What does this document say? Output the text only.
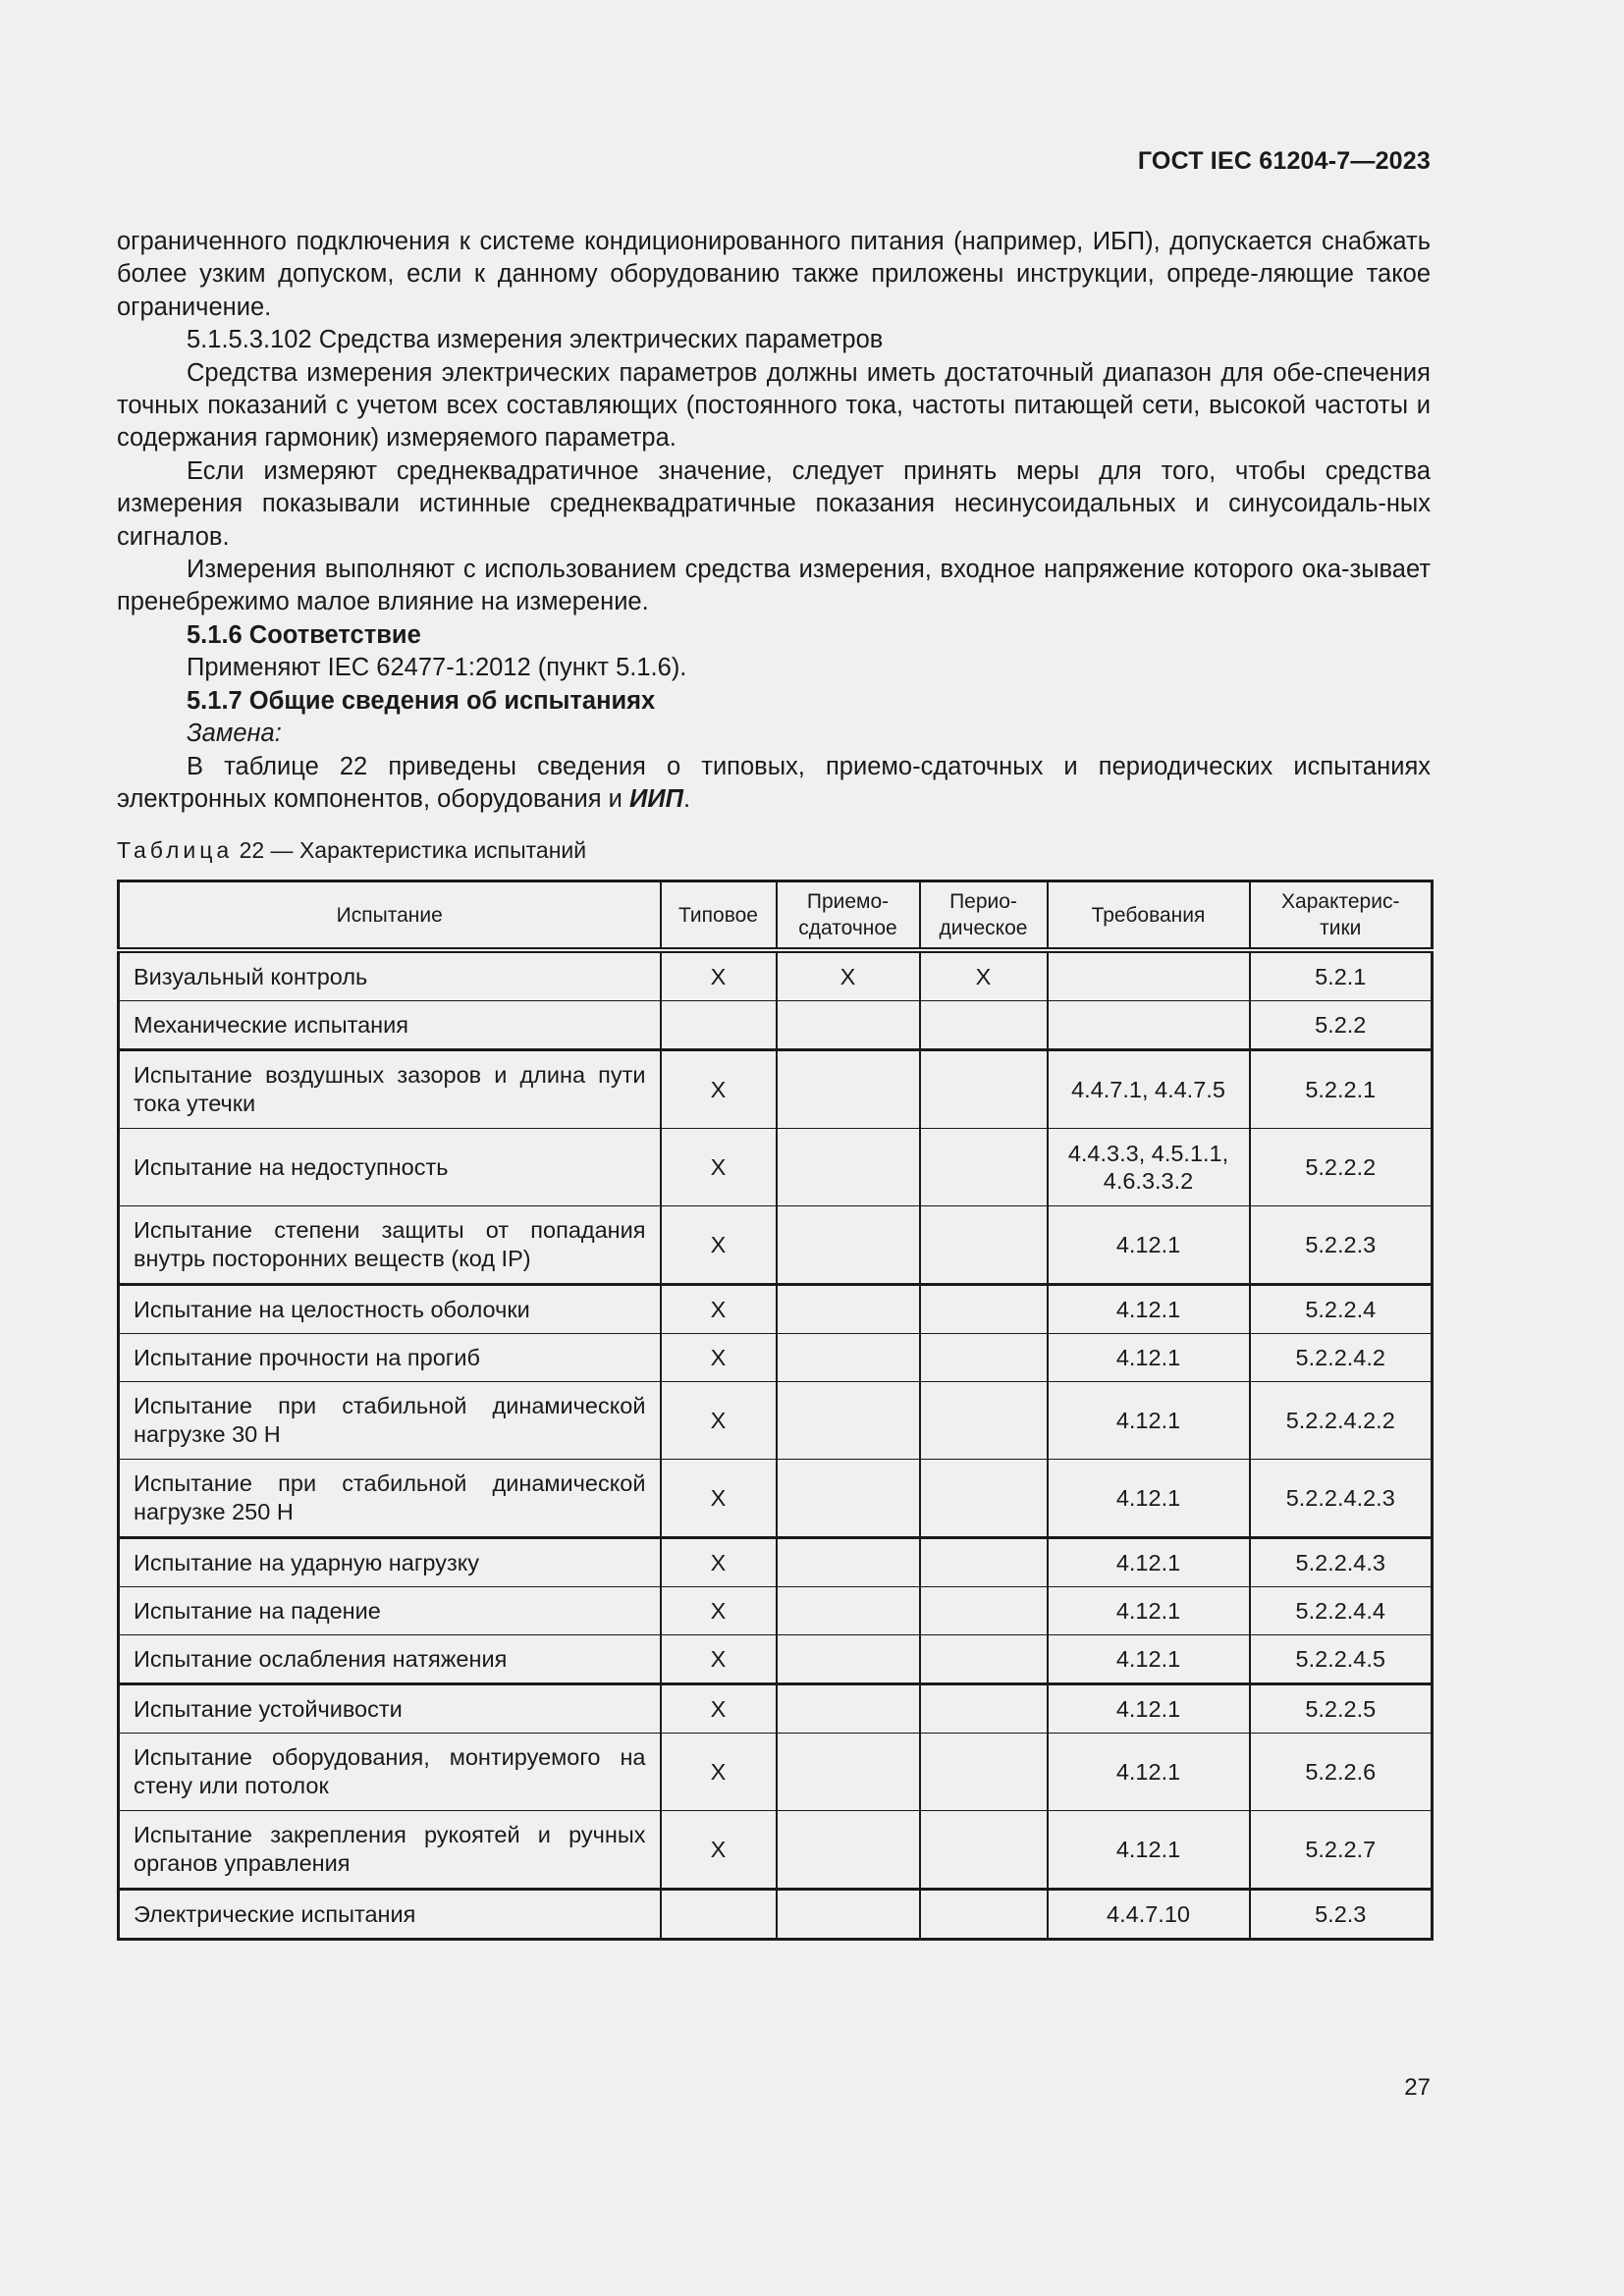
ГОСТ IEC 61204-7—2023

ограниченного подключения к системе кондиционированного питания (например, ИБП), допускается снабжать более узким допуском, если к данному оборудованию также приложены инструкции, опреде-ляющие такое ограничение.

5.1.5.3.102 Средства измерения электрических параметров

Средства измерения электрических параметров должны иметь достаточный диапазон для обе-спечения точных показаний с учетом всех составляющих (постоянного тока, частоты питающей сети, высокой частоты и содержания гармоник) измеряемого параметра.

Если измеряют среднеквадратичное значение, следует принять меры для того, чтобы средства измерения показывали истинные среднеквадратичные показания несинусоидальных и синусоидаль-ных сигналов.

Измерения выполняют с использованием средства измерения, входное напряжение которого ока-зывает пренебрежимо малое влияние на измерение.

5.1.6 Соответствие

Применяют IEC 62477-1:2012 (пункт 5.1.6).

5.1.7 Общие сведения об испытаниях

Замена:

В таблице 22 приведены сведения о типовых, приемо-сдаточных и периодических испытаниях электронных компонентов, оборудования и ИИП.

Таблица 22 — Характеристика испытаний
Испытание	Типовое	Приемо-сдаточное	Перио-дическое	Требования	Характерис-тики
Визуальный контроль	X	X	X		5.2.1
Механические испытания					5.2.2
Испытание воздушных зазоров и длина пути тока утечки	X			4.4.7.1, 4.4.7.5	5.2.2.1
Испытание на недоступность	X			4.4.3.3, 4.5.1.1, 4.6.3.3.2	5.2.2.2
Испытание степени защиты от попадания внутрь посторонних веществ (код IP)	X			4.12.1	5.2.2.3
Испытание на целостность оболочки	X			4.12.1	5.2.2.4
Испытание прочности на прогиб	X			4.12.1	5.2.2.4.2
Испытание при стабильной динамической нагрузке 30 Н	X			4.12.1	5.2.2.4.2.2
Испытание при стабильной динамической нагрузке 250 Н	X			4.12.1	5.2.2.4.2.3
Испытание на ударную нагрузку	X			4.12.1	5.2.2.4.3
Испытание на падение	X			4.12.1	5.2.2.4.4
Испытание ослабления натяжения	X			4.12.1	5.2.2.4.5
Испытание устойчивости	X			4.12.1	5.2.2.5
Испытание оборудования, монтируемого на стену или потолок	X			4.12.1	5.2.2.6
Испытание закрепления рукоятей и ручных органов управления	X			4.12.1	5.2.2.7
Электрические испытания				4.4.7.10	5.2.3
27
